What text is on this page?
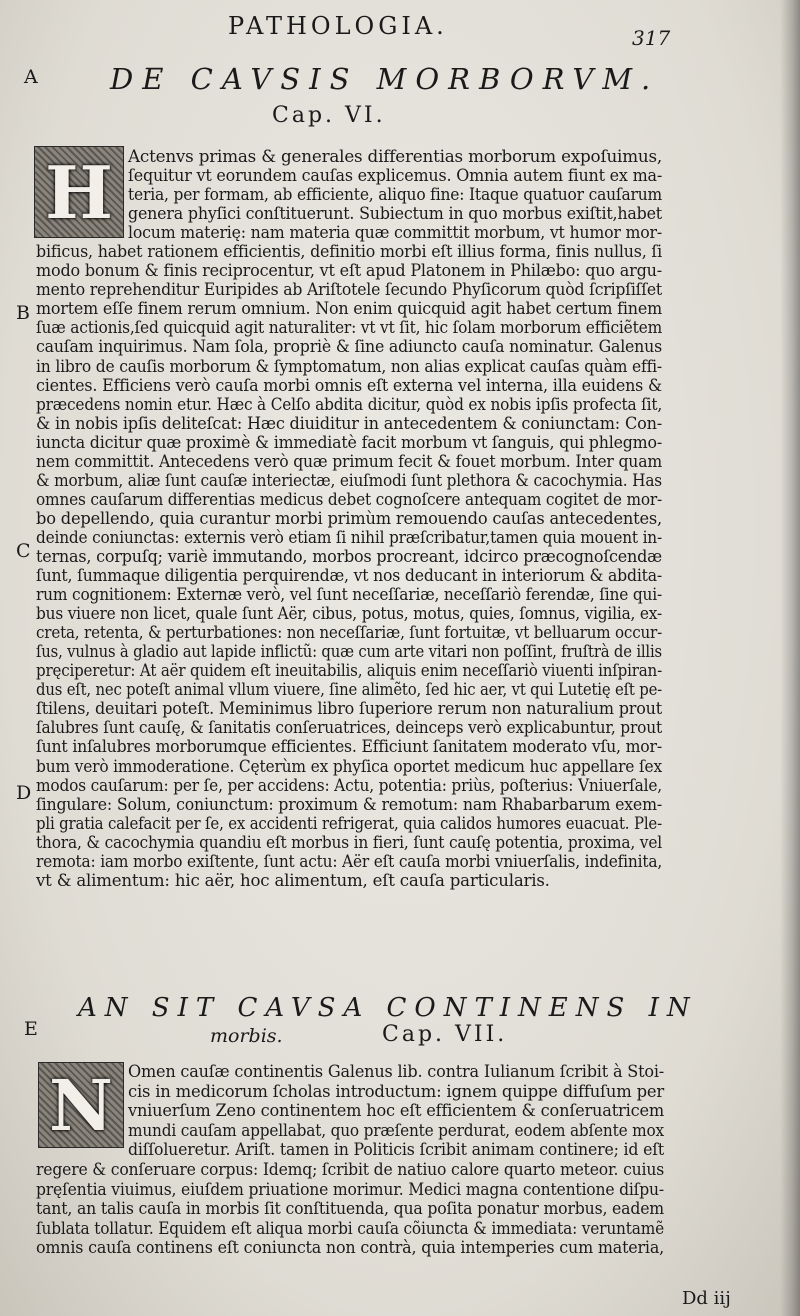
PATHOLOGIA.	317
A
B
C
D
E
DE CAVSIS MORBORVM.
Cap. VI.
H Actenvs primas & generales differentias morborum expoſuimus,
ſequitur vt eorundem cauſas explicemus. Omnia autem fiunt ex ma-
teria, per formam, ab efficiente, aliquo fine: Itaque quatuor cauſarum
genera phyſici conſtituerunt. Subiectum in quo morbus exiſtit,habet
locum materię: nam materia quæ committit morbum, vt humor mor-
bificus, habet rationem efficientis, definitio morbi eſt illius forma, finis nullus, ſi
modo bonum & finis reciprocentur, vt eſt apud Platonem in Philæbo: quo argu-
mento reprehenditur Euripides ab Ariſtotele ſecundo Phyſicorum quòd ſcripſiſſet
mortem eſſe finem rerum omnium. Non enim quicquid agit habet certum finem
ſuæ actionis,ſed quicquid agit naturaliter: vt vt ſit, hic ſolam morborum efficiẽtem
cauſam inquirimus. Nam ſola, propriè & ſine adiuncto cauſa nominatur. Galenus
in libro de cauſis morborum & ſymptomatum, non alias explicat cauſas quàm effi-
cientes. Efficiens verò cauſa morbi omnis eſt externa vel interna, illa euidens &
præcedens nomin etur. Hæc à Celſo abdita dicitur, quòd ex nobis ipſis profecta ſit,
& in nobis ipſis deliteſcat: Hæc diuiditur in antecedentem & coniunctam: Con-
iuncta dicitur quæ proximè & immediatè facit morbum vt ſanguis, qui phlegmo-
nem committit. Antecedens verò quæ primum fecit & fouet morbum. Inter quam
& morbum, aliæ ſunt cauſæ interiectæ, eiuſmodi ſunt plethora & cacochymia. Has
omnes cauſarum differentias medicus debet cognoſcere antequam cogitet de mor-
bo depellendo, quia curantur morbi primùm remouendo cauſas antecedentes,
deinde coniunctas: externis verò etiam ſi nihil præſcribatur,tamen quia mouent in-
ternas, corpuſq; variè immutando, morbos procreant, idcirco præcognoſcendæ
ſunt, ſummaque diligentia perquirendæ, vt nos deducant in interiorum & abdita-
rum cognitionem: Externæ verò, vel ſunt neceſſariæ, neceſſariò ferendæ, ſine qui-
bus viuere non licet, quale ſunt Aër, cibus, potus, motus, quies, ſomnus, vigilia, ex-
creta, retenta, & perturbationes: non neceſſariæ, ſunt fortuitæ, vt belluarum occur-
ſus, vulnus à gladio aut lapide inflictũ: quæ cum arte vitari non poſſint, fruſtrà de illis
pręciperetur: At aër quidem eſt ineuitabilis, aliquis enim neceſſariò viuenti inſpiran-
dus eſt, nec poteſt animal vllum viuere, ſine alimẽto, ſed hic aer, vt qui Lutetię eſt pe-
ſtilens, deuitari poteſt. Meminimus libro ſuperiore rerum non naturalium prout
ſalubres ſunt cauſę, & ſanitatis conſeruatrices, deinceps verò explicabuntur, prout
ſunt inſalubres morborumque efficientes. Efficiunt ſanitatem moderato vſu, mor-
bum verò immoderatione. Cęterùm ex phyſica oportet medicum huc appellare ſex
modos cauſarum: per ſe, per accidens: Actu, potentia: priùs, poſterius: Vniuerſale,
ſingulare: Solum, coniunctum: proximum & remotum: nam Rhabarbarum exem-
pli gratia calefacit per ſe, ex accidenti refrigerat, quia calidos humores euacuat. Ple-
thora, & cacochymia quandiu eſt morbus in fieri, ſunt cauſę potentia, proxima, vel
remota: iam morbo exiſtente, ſunt actu: Aër eſt cauſa morbi vniuerſalis, indefinita,
vt & alimentum: hic aër, hoc alimentum, eſt cauſa particularis.
AN SIT CAVSA CONTINENS IN
morbis.	Cap. VII.
N Omen cauſæ continentis Galenus lib. contra Iulianum ſcribit à Stoi-
cis in medicorum ſcholas introductum: ignem quippe diffuſum per
vniuerſum Zeno continentem hoc eſt efficientem & conſeruatricem
mundi cauſam appellabat, quo præſente perdurat, eodem abſente mox
diſſolueretur. Ariſt. tamen in Politicis ſcribit animam continere; id eſt
regere & conſeruare corpus: Idemq; ſcribit de natiuo calore quarto meteor. cuius
pręſentia viuimus, eiuſdem priuatione morimur. Medici magna contentione diſpu-
tant, an talis cauſa in morbis ſit conſtituenda, qua poſita ponatur morbus, eadem
ſublata tollatur. Equidem eſt aliqua morbi cauſa cõiuncta & immediata: veruntamẽ
omnis cauſa continens eſt coniuncta non contrà, quia intemperies cum materia,
Dd iij
